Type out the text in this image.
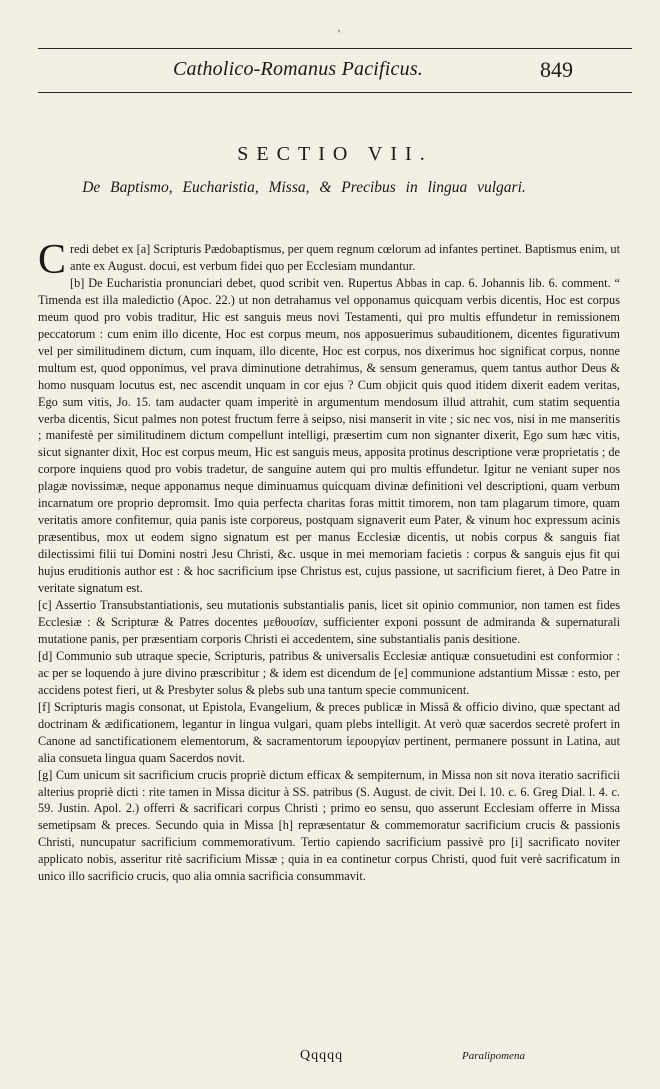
'
Catholico-Romanus Pacificus.	849
SECTIO VII.
De Baptismo, Eucharistia, Missa, & Precibus in lingua vulgari.

Credi debet ex [a] Scripturis Pædobaptismus, per quem regnum cœlorum ad infantes pertinet. Baptismus enim, ut ante ex August. docui, est verbum fidei quo per Ecclesiam mundantur.

[b] De Eucharistia pronunciari debet, quod scribit ven. Rupertus Abbas in cap. 6. Johannis lib. 6. comment. “ Timenda est illa maledictio (Apoc. 22.) ut non detrahamus vel opponamus quicquam verbis dicentis, Hoc est corpus meum quod pro vobis traditur, Hic est sanguis meus novi Testamenti, qui pro multis effundetur in remissionem peccatorum : cum enim illo dicente, Hoc est corpus meum, nos apposuerimus subauditionem, dicentes figurativum vel per similitudinem dictum, cum inquam, illo dicente, Hoc est corpus, nos dixerimus hoc significat corpus, nonne multum est, quod opponimus, vel prava diminutione detrahimus, & sensum generamus, quem tantus author Deus & homo nusquam locutus est, nec ascendit unquam in cor ejus ? Cum objicit quis quod itidem dixerit eadem veritas, Ego sum vitis, Jo. 15. tam audacter quam imperitè in argumentum mendosum illud attrahit, cum statim sequentia verba dicentis, Sicut palmes non potest fructum ferre à seipso, nisi manserit in vite ; sic nec vos, nisi in me manseritis ; manifestè per similitudinem dictum compellunt intelligi, præsertim cum non signanter dixerit, Ego sum hæc vitis, sicut signanter dixit, Hoc est corpus meum, Hic est sanguis meus, apposita protinus descriptione veræ proprietatis ; de corpore inquiens quod pro vobis tradetur, de sanguine autem qui pro multis effundetur. Igitur ne veniant super nos plagæ novissimæ, neque apponamus neque diminuamus quicquam divinæ definitioni vel descriptioni, quam verbum incarnatum ore proprio depromsit. Imo quia perfecta charitas foras mittit timorem, non tam plagarum timore, quam veritatis amore confitemur, quia panis iste corporeus, postquam signaverit eum Pater, & vinum hoc expressum acinis præsentibus, mox ut eodem signo signatum est per manus Ecclesiæ dicentis, ut nobis corpus & sanguis fiat dilectissimi filii tui Domini nostri Jesu Christi, &c. usque in mei memoriam facietis : corpus & sanguis ejus fit qui hujus eruditionis author est : & hoc sacrificium ipse Christus est, cujus passione, ut sacrificium fieret, à Deo Patre in veritate signatum est.

[c] Assertio Transubstantiationis, seu mutationis substantialis panis, licet sit opinio communior, non tamen est fides Ecclesiæ : & Scripturæ & Patres docentes μεθουσίαν, sufficienter exponi possunt de admiranda & supernaturali mutatione panis, per præsentiam corporis Christi ei accedentem, sine substantialis panis desitione.

[d] Communio sub utraque specie, Scripturis, patribus & universalis Ecclesiæ antiquæ consuetudini est conformior : ac per se loquendo à jure divino præscribitur ; & idem est dicendum de [e] communione adstantium Missæ : esto, per accidens potest fieri, ut & Presbyter solus & plebs sub una tantum specie communicent.

[f] Scripturis magis consonat, ut Epistola, Evangelium, & preces publicæ in Missâ & officio divino, quæ spectant ad doctrinam & ædificationem, legantur in lingua vulgari, quam plebs intelligit. At verò quæ sacerdos secretè profert in Canone ad sanctificationem elementorum, & sacramentorum ἱερουργίαν pertinent, permanere possunt in Latina, aut alia consueta lingua quam Sacerdos novit.

[g] Cum unicum sit sacrificium crucis propriè dictum efficax & sempiternum, in Missa non sit nova iteratio sacrificii alterius propriè dicti : rite tamen in Missa dicitur à SS. patribus (S. August. de civit. Dei l. 10. c. 6. Greg Dial. l. 4. c. 59. Justin. Apol. 2.) offerri & sacrificari corpus Christi ; primo eo sensu, quo asserunt Ecclesiam offerre in Missa semetipsam & preces. Secundo quia in Missa [h] repræsentatur & commemoratur sacrificium crucis & passionis Christi, nuncupatur sacrificium commemorativum. Tertio capiendo sacrificium passivè pro [i] sacrificato noviter applicato nobis, asseritur ritè sacrificium Missæ ; quia in ea continetur corpus Christi, quod fuit verè sacrificatum in unico illo sacrificio crucis, quo alia omnia sacrificia consummavit.

Qqqqq	Paralipomena
